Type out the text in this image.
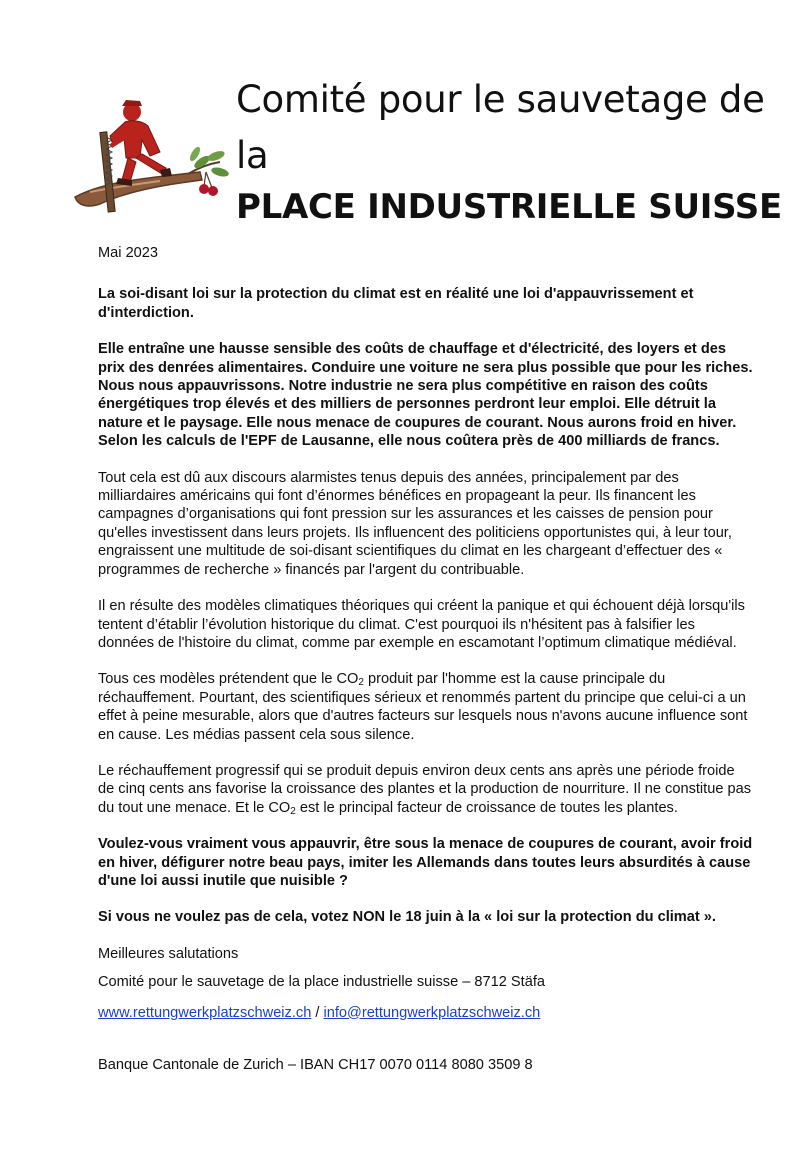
Comité pour le sauvetage de la

PLACE INDUSTRIELLE SUISSE

Mai 2023

La soi-disant loi sur la protection du climat est en réalité une loi d'appauvrissement et d'interdiction.

Elle entraîne une hausse sensible des coûts de chauffage et d'électricité, des loyers et des prix des denrées alimentaires. Conduire une voiture ne sera plus possible que pour les riches. Nous nous appauvrissons. Notre industrie ne sera plus compétitive en raison des coûts énergétiques trop élevés et des milliers de personnes perdront leur emploi. Elle détruit la nature et le paysage. Elle nous menace de coupures de courant. Nous aurons froid en hiver. Selon les calculs de l'EPF de Lausanne, elle nous coûtera près de 400 milliards de francs.

Tout cela est dû aux discours alarmistes tenus depuis des années, principalement par des milliardaires américains qui font d’énormes bénéfices en propageant la peur. Ils financent les campagnes d’organisations qui font pression sur les assurances et les caisses de pension pour qu'elles investissent dans leurs projets. Ils influencent des politiciens opportunistes qui, à leur tour, engraissent une multitude de soi-disant scientifiques du climat en les chargeant d’effectuer des « programmes de recherche » financés par l'argent du contribuable.

Il en résulte des modèles climatiques théoriques qui créent la panique et qui échouent déjà lorsqu'ils tentent d’établir l’évolution historique du climat. C'est pourquoi ils n'hésitent pas à falsifier les données de l'histoire du climat, comme par exemple en escamotant l’optimum climatique médiéval.

Tous ces modèles prétendent que le $CO_2$ produit par l'homme est la cause principale du réchauffement. Pourtant, des scientifiques sérieux et renommés partent du principe que celui-ci a un effet à peine mesurable, alors que d'autres facteurs sur lesquels nous n'avons aucune influence sont en cause. Les médias passent cela sous silence.

Le réchauffement progressif qui se produit depuis environ deux cents ans après une période froide de cinq cents ans favorise la croissance des plantes et la production de nourriture. Il ne constitue pas du tout une menace. Et le $CO_2$ est le principal facteur de croissance de toutes les plantes.

Voulez-vous vraiment vous appauvrir, être sous la menace de coupures de courant, avoir froid en hiver, défigurer notre beau pays, imiter les Allemands dans toutes leurs absurdités à cause d'une loi aussi inutile que nuisible ?

Si vous ne voulez pas de cela, votez NON le 18 juin à la « loi sur la protection du climat ».

Meilleures salutations

Comité pour le sauvetage de la place industrielle suisse – 8712 Stäfa

www.rettungwerkplatzschweiz.ch / info@rettungwerkplatzschweiz.ch

Banque Cantonale de Zurich – IBAN CH17 0070 0114 8080 3509 8
